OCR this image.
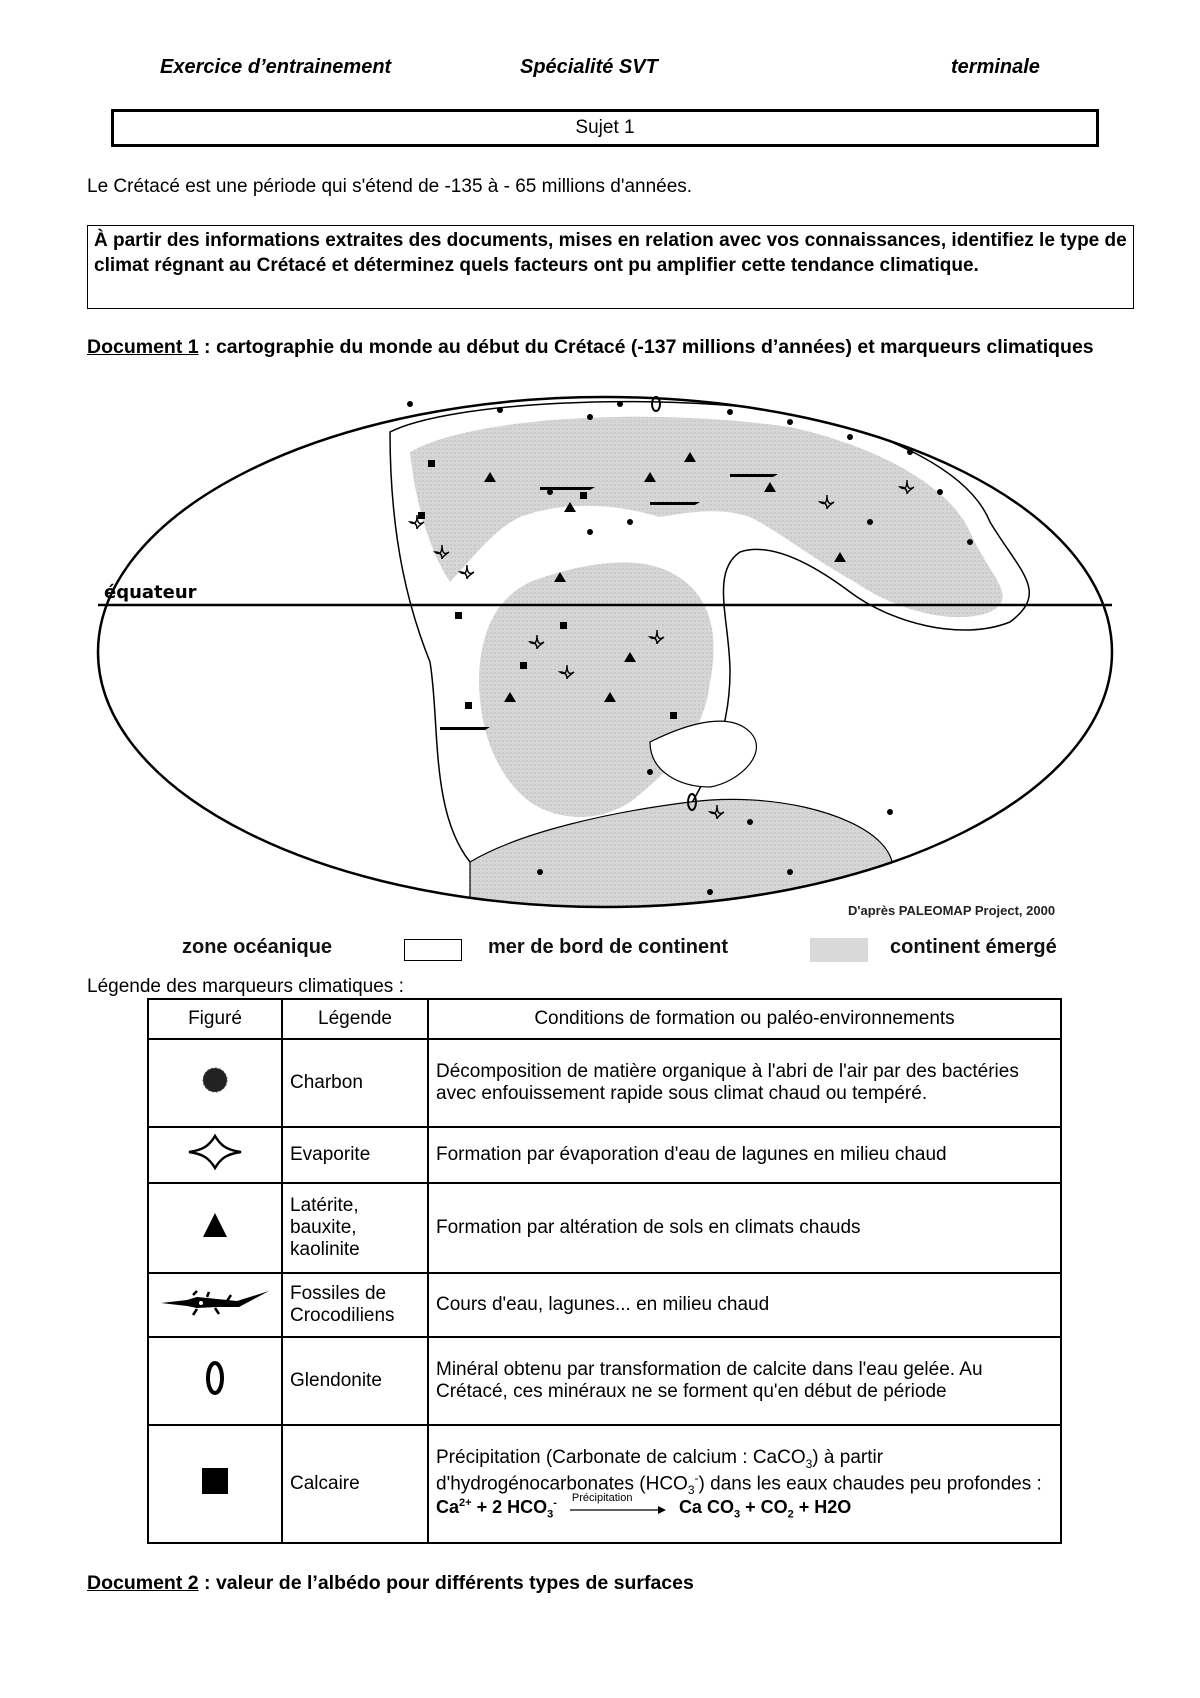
Exercice d’entrainement	Spécialité SVT	terminale
Sujet 1
Le Crétacé est une période qui s'étend de -135 à - 65 millions d'années.
À partir des informations extraites des documents, mises en relation avec vos connaissances, identifiez le type de climat régnant au Crétacé et déterminez quels facteurs ont pu amplifier cette tendance climatique.
Document 1 : cartographie du monde au début du Crétacé (-137 millions d’années) et marqueurs climatiques
équateur
D'après PALEOMAP Project, 2000
zone océanique	mer de bord de continent	continent émergé
Légende des marqueurs climatiques :
Figuré	Légende	Conditions de formation ou paléo-environnements
	Charbon	Décomposition de matière organique à l'abri de l'air par des bactéries avec enfouissement rapide sous climat chaud ou tempéré.
	Evaporite	Formation par évaporation d'eau de lagunes en milieu chaud
	Latérite, bauxite, kaolinite	Formation par altération de sols en climats chauds
	Fossiles de Crocodiliens	Cours d'eau, lagunes... en milieu chaud
	Glendonite	Minéral obtenu par transformation de calcite dans l'eau gelée. Au Crétacé, ces minéraux ne se forment qu'en début de période
	Calcaire	Précipitation (Carbonate de calcium : CaCO$_3$) à partir d'hydrogénocarbonates $(HCO_3^-)$ dans les eaux chaudes peu profondes :
$Ca^{2+} + 2$ $HCO_3^-$ Précipitation Ca $CO_3 + CO_2 + H2O$
Document 2 : valeur de l’albédo pour différents types de surfaces
